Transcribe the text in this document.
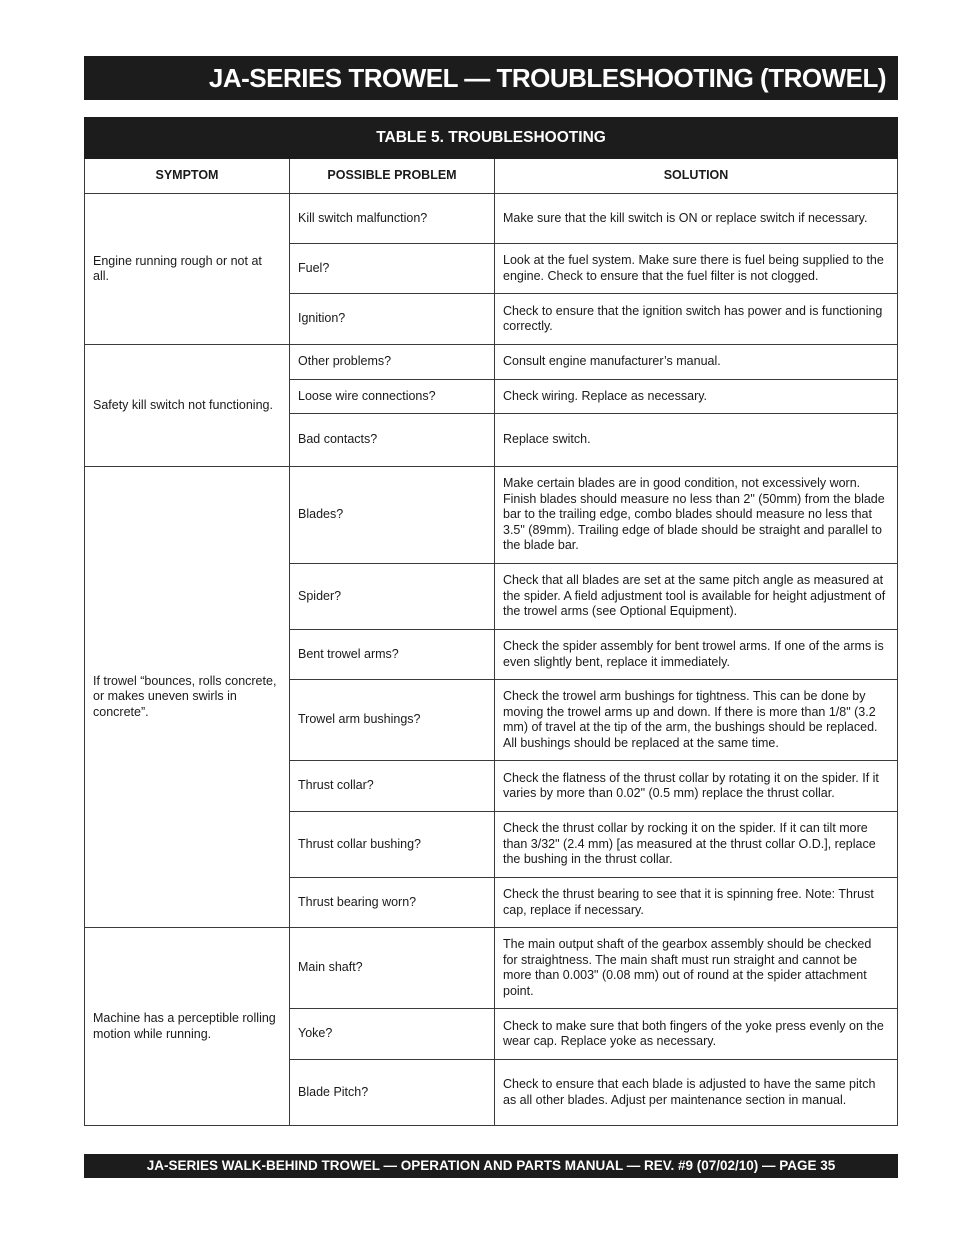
JA-SERIES TROWEL — TROUBLESHOOTING (TROWEL)
TABLE 5. TROUBLESHOOTING		
SYMPTOM	POSSIBLE PROBLEM	SOLUTION
Engine running rough or not at all.	Kill switch malfunction?	Make sure that the kill switch is ON or replace switch if necessary.
	Fuel?	Look at the fuel system. Make sure there is fuel being supplied to the engine. Check to ensure that the fuel filter is not clogged.
	Ignition?	Check to ensure that the ignition switch has power and is functioning correctly.
Safety kill switch not functioning.	Other problems?	Consult engine manufacturer’s manual.
	Loose wire connections?	Check wiring. Replace as necessary.
	Bad contacts?	Replace switch.
If trowel “bounces, rolls concrete, or makes uneven swirls in concrete”.	Blades?	Make certain blades are in good condition, not excessively worn. Finish blades should measure no less than 2" (50mm) from the blade bar to the trailing edge, combo blades should measure no less that 3.5" (89mm). Trailing edge of blade should be straight and parallel to the blade bar.
	Spider?	Check that all blades are set at the same pitch angle as measured at the spider. A field adjustment tool is available for height adjustment of the trowel arms (see Optional Equipment).
	Bent trowel arms?	Check the spider assembly for bent trowel arms. If one of the arms is even slightly bent, replace it immediately.
	Trowel arm bushings?	Check the trowel arm bushings for tightness. This can be done by moving the trowel arms up and down. If there is more than 1/8" (3.2 mm) of travel at the tip of the arm, the bushings should be replaced. All bushings should be replaced at the same time.
	Thrust collar?	Check the flatness of the thrust collar by rotating it on the spider. If it varies by more than 0.02" (0.5 mm) replace the thrust collar.
	Thrust collar bushing?	Check the thrust collar by rocking it on the spider. If it can tilt more than 3/32" (2.4 mm) [as measured at the thrust collar O.D.], replace the bushing in the thrust collar.
	Thrust bearing worn?	Check the thrust bearing to see that it is spinning free. Note: Thrust cap, replace if necessary.
Machine has a perceptible rolling motion while running.	Main shaft?	The main output shaft of the gearbox assembly should be checked for straightness. The main shaft must run straight and cannot be more than 0.003" (0.08 mm) out of round at the spider attachment point.
	Yoke?	Check to make sure that both fingers of the yoke press evenly on the wear cap. Replace yoke as necessary.
	Blade Pitch?	Check to ensure that each blade is adjusted to have the same pitch as all other blades. Adjust per maintenance section in manual.
JA-SERIES WALK-BEHIND TROWEL — OPERATION AND PARTS MANUAL — REV. #9 (07/02/10) — PAGE 35
